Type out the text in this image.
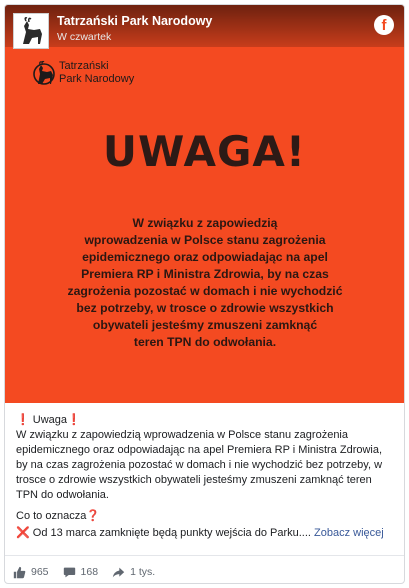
Tatrzański Park Narodowy
W czwartek
f
Tatrzański
Park Narodowy
UWAGA!
W związku z zapowiedzią
wprowadzenia w Polsce stanu zagrożenia
epidemicznego oraz odpowiadając na apel
Premiera RP i Ministra Zdrowia, by na czas
zagrożenia pozostać w domach i nie wychodzić
bez potrzeby, w trosce o zdrowie wszystkich
obywateli jesteśmy zmuszeni zamknąć
teren TPN do odwołania.
❗ Uwaga❗
W związku z zapowiedzią wprowadzenia w Polsce stanu zagrożenia
epidemicznego oraz odpowiadając na apel Premiera RP i Ministra Zdrowia,
by na czas zagrożenia pozostać w domach i nie wychodzić bez potrzeby, w
trosce o zdrowie wszystkich obywateli jesteśmy zmuszeni zamknąć teren
TPN do odwołania.
Co to oznacza❓
❌ Od 13 marca zamknięte będą punkty wejścia do Parku.... Zobacz więcej
965	168	1 tys.
